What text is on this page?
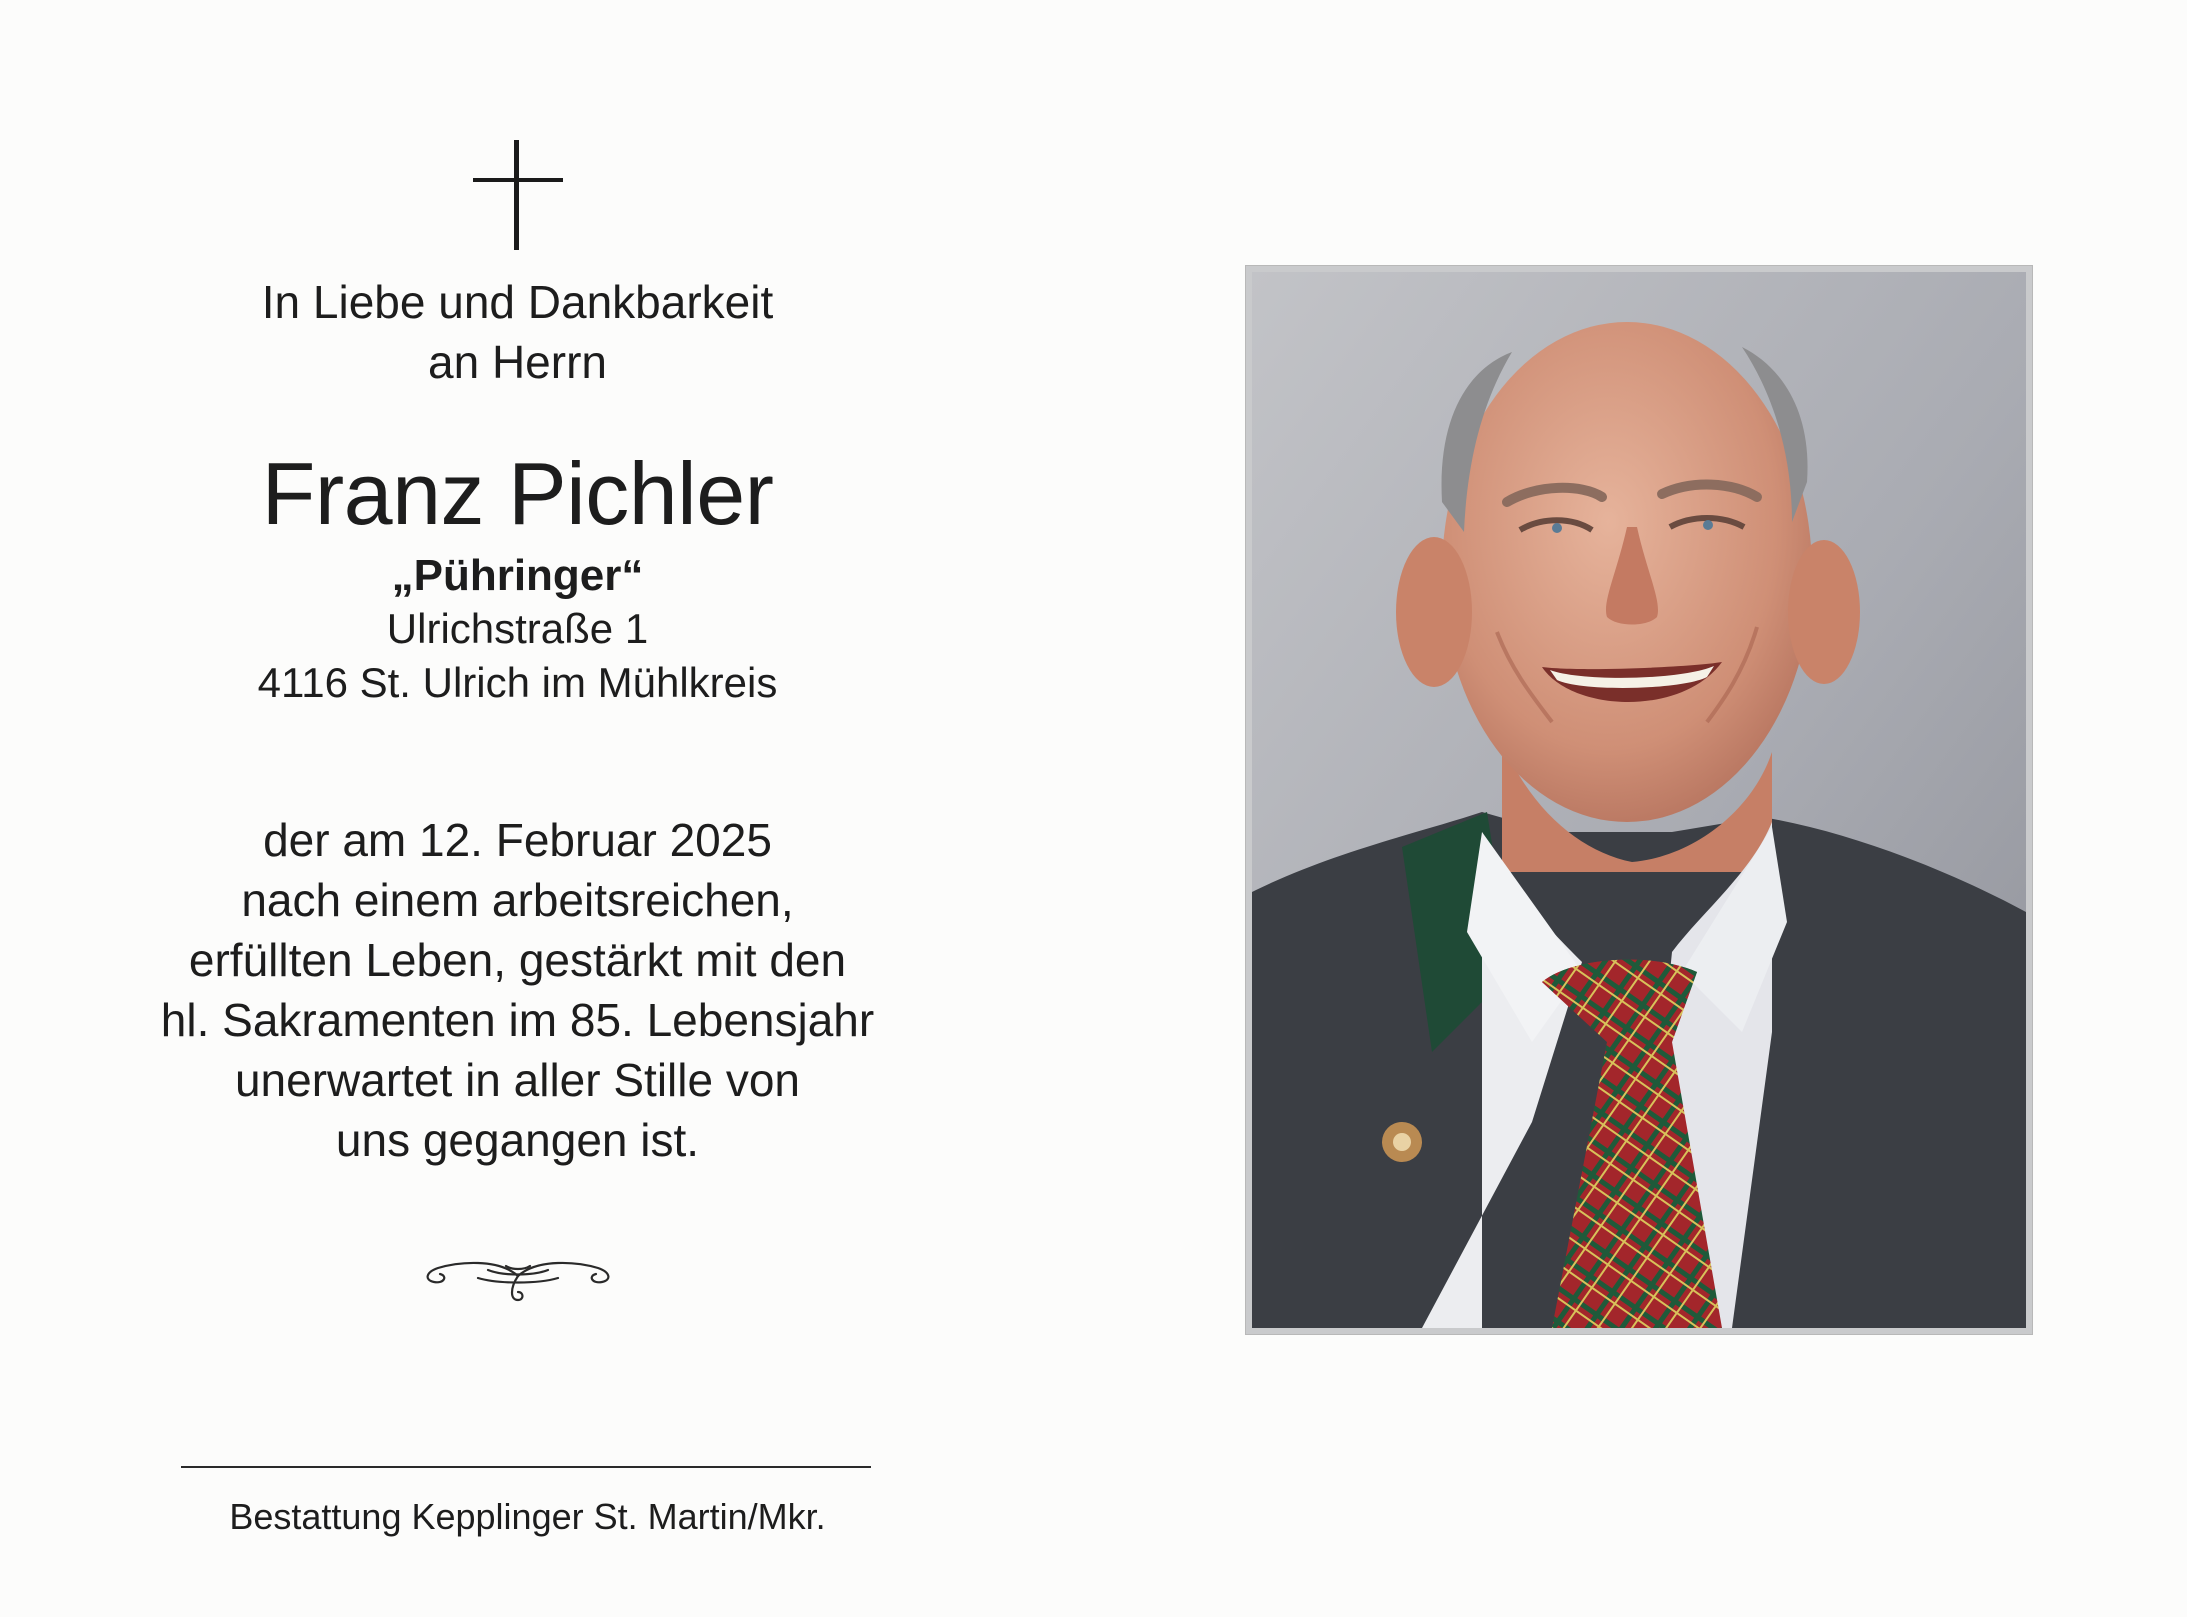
In Liebe und Dankbarkeit
an Herrn
Franz Pichler
„Pühringer“
Ulrichstraße 1
4116 St. Ulrich im Mühlkreis
der am 12. Februar 2025
nach einem arbeitsreichen,
erfüllten Leben, gestärkt mit den
hl. Sakramenten im 85. Lebensjahr
unerwartet in aller Stille von
uns gegangen ist.
Bestattung Kepplinger St. Martin/Mkr.
